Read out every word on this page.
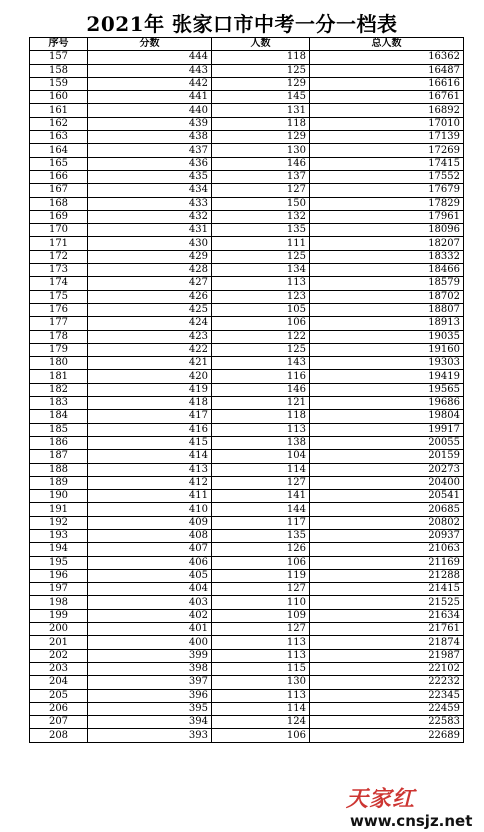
2021年 张家口市中考一分一档表
序号	分数	人数	总人数
157	444	118	16362
158	443	125	16487
159	442	129	16616
160	441	145	16761
161	440	131	16892
162	439	118	17010
163	438	129	17139
164	437	130	17269
165	436	146	17415
166	435	137	17552
167	434	127	17679
168	433	150	17829
169	432	132	17961
170	431	135	18096
171	430	111	18207
172	429	125	18332
173	428	134	18466
174	427	113	18579
175	426	123	18702
176	425	105	18807
177	424	106	18913
178	423	122	19035
179	422	125	19160
180	421	143	19303
181	420	116	19419
182	419	146	19565
183	418	121	19686
184	417	118	19804
185	416	113	19917
186	415	138	20055
187	414	104	20159
188	413	114	20273
189	412	127	20400
190	411	141	20541
191	410	144	20685
192	409	117	20802
193	408	135	20937
194	407	126	21063
195	406	106	21169
196	405	119	21288
197	404	127	21415
198	403	110	21525
199	402	109	21634
200	401	127	21761
201	400	113	21874
202	399	113	21987
203	398	115	22102
204	397	130	22232
205	396	113	22345
206	395	114	22459
207	394	124	22583
208	393	106	22689
天家红
www.cnsjz.net
